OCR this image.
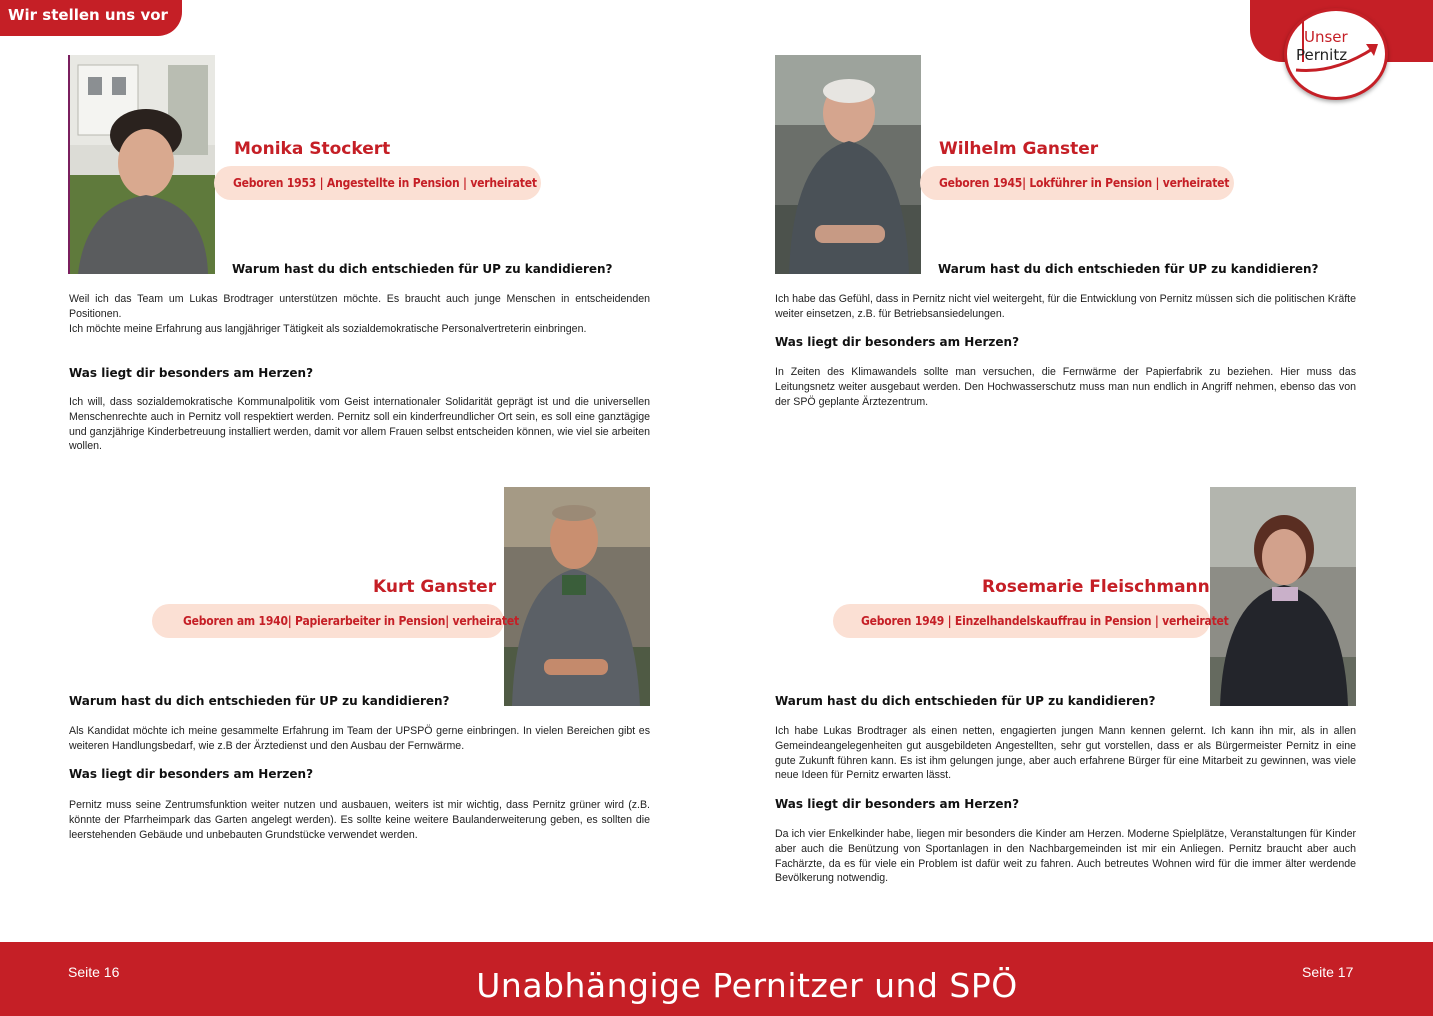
Wir stellen uns vor
Unser
Pernitz
Monika Stockert
Geboren 1953 | Angestellte in Pension | verheiratet
Warum hast du dich entschieden für UP zu kandidieren?
Weil ich das Team um Lukas Brodtrager unterstützen möchte. Es braucht auch junge Menschen in entscheidenden Positionen.
Ich möchte meine Erfahrung aus langjähriger Tätigkeit als sozialdemokratische Personalvertreterin einbringen.
Was liegt dir besonders am Herzen?
Ich will, dass sozialdemokratische Kommunalpolitik vom Geist internationaler Solidarität geprägt ist und die universellen Menschenrechte auch in Pernitz voll respektiert werden. Pernitz soll ein kinderfreundlicher Ort sein, es soll eine ganztägige und ganzjährige Kinderbetreuung installiert werden, damit vor allem Frauen selbst entscheiden können, wie viel sie arbeiten wollen.
Wilhelm Ganster
Geboren 1945| Lokführer in Pension | verheiratet
Warum hast du dich entschieden für UP zu kandidieren?
Ich habe das Gefühl, dass in Pernitz nicht viel weitergeht, für die Entwicklung von Pernitz müssen sich die politischen Kräfte weiter einsetzen, z.B. für Betriebsansiedelungen.
Was liegt dir besonders am Herzen?
In Zeiten des Klimawandels sollte man versuchen, die Fernwärme der Papierfabrik zu beziehen. Hier muss das Leitungsnetz weiter ausgebaut werden. Den Hochwasserschutz muss man nun endlich in Angriff nehmen, ebenso das von der SPÖ geplante Ärztezentrum.
Kurt Ganster
Geboren am 1940| Papierarbeiter in Pension| verheiratet
Warum hast du dich entschieden für UP zu kandidieren?
Als Kandidat möchte ich meine gesammelte Erfahrung im Team der UPSPÖ gerne einbringen. In vielen Bereichen gibt es weiteren Handlungsbedarf, wie z.B der Ärztedienst und den Ausbau der Fernwärme.
Was liegt dir besonders am Herzen?
Pernitz muss seine Zentrumsfunktion weiter nutzen und ausbauen, weiters ist mir wichtig, dass Pernitz grüner wird (z.B. könnte der Pfarrheimpark das Garten angelegt werden). Es sollte keine weitere Baulanderweiterung geben, es sollten die leerstehenden Gebäude und unbebauten Grundstücke verwendet werden.
Rosemarie Fleischmann
Geboren 1949 | Einzelhandelskauffrau in Pension | verheiratet
Warum hast du dich entschieden für UP zu kandidieren?
Ich habe Lukas Brodtrager als einen netten, engagierten jungen Mann kennen gelernt. Ich kann ihn mir, als in allen Gemeindeangelegenheiten gut ausgebildeten Angestellten, sehr gut vorstellen, dass er als Bürgermeister Pernitz in eine gute Zukunft führen kann. Es ist ihm gelungen junge, aber auch erfahrene Bürger für eine Mitarbeit zu gewinnen, was viele neue Ideen für Pernitz erwarten lässt.
Was liegt dir besonders am Herzen?
Da ich vier Enkelkinder habe, liegen mir besonders die Kinder am Herzen. Moderne Spielplätze, Veranstaltungen für Kinder aber auch die Benützung von Sportanlagen in den Nachbargemeinden ist mir ein Anliegen. Pernitz braucht aber auch Fachärzte, da es für viele ein Problem ist dafür weit zu fahren. Auch betreutes Wohnen wird für die immer älter werdende Bevölkerung notwendig.
Seite 16	Seite 17
Unabhängige Pernitzer und SPÖ
